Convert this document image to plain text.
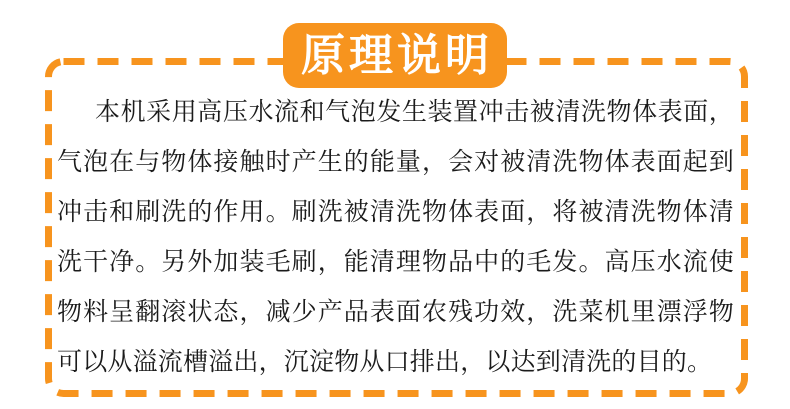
原理说明

本机采用高压水流和气泡发生装置冲击被清洗物体表面，气泡在与物体接触时产生的能量，会对被清洗物体表面起到冲击和刷洗的作用。刷洗被清洗物体表面，将被清洗物体清洗干净。另外加装毛刷，能清理物品中的毛发。高压水流使物料呈翻滚状态，减少产品表面农残功效，洗菜机里漂浮物可以从溢流槽溢出，沉淀物从口排出，以达到清洗的目的。
